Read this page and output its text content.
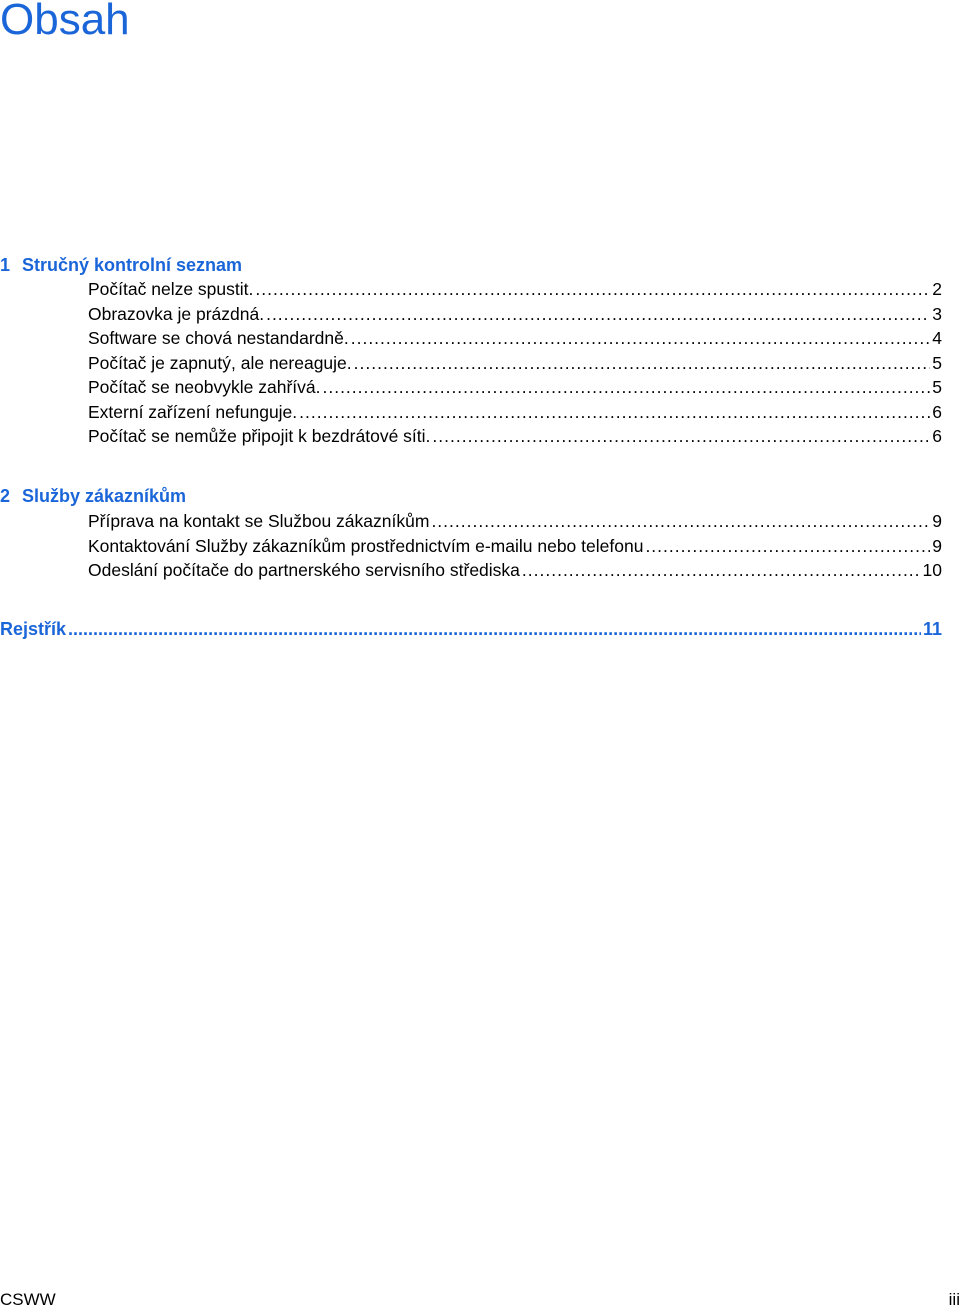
Obsah
1 Stručný kontrolní seznam
Počítač nelze spustit. .....	2
Obrazovka je prázdná. .....	3
Software se chová nestandardně. .....	4
Počítač je zapnutý, ale nereaguje. .....	5
Počítač se neobvykle zahřívá. .....	5
Externí zařízení nefunguje. .....	6
Počítač se nemůže připojit k bezdrátové síti. .....	6
2 Služby zákazníkům
Příprava na kontakt se Službou zákazníkům .....	9
Kontaktování Služby zákazníkům prostřednictvím e-mailu nebo telefonu .....	9
Odeslání počítače do partnerského servisního střediska .....	10
Rejstřík .....	11
CSWW	iii
